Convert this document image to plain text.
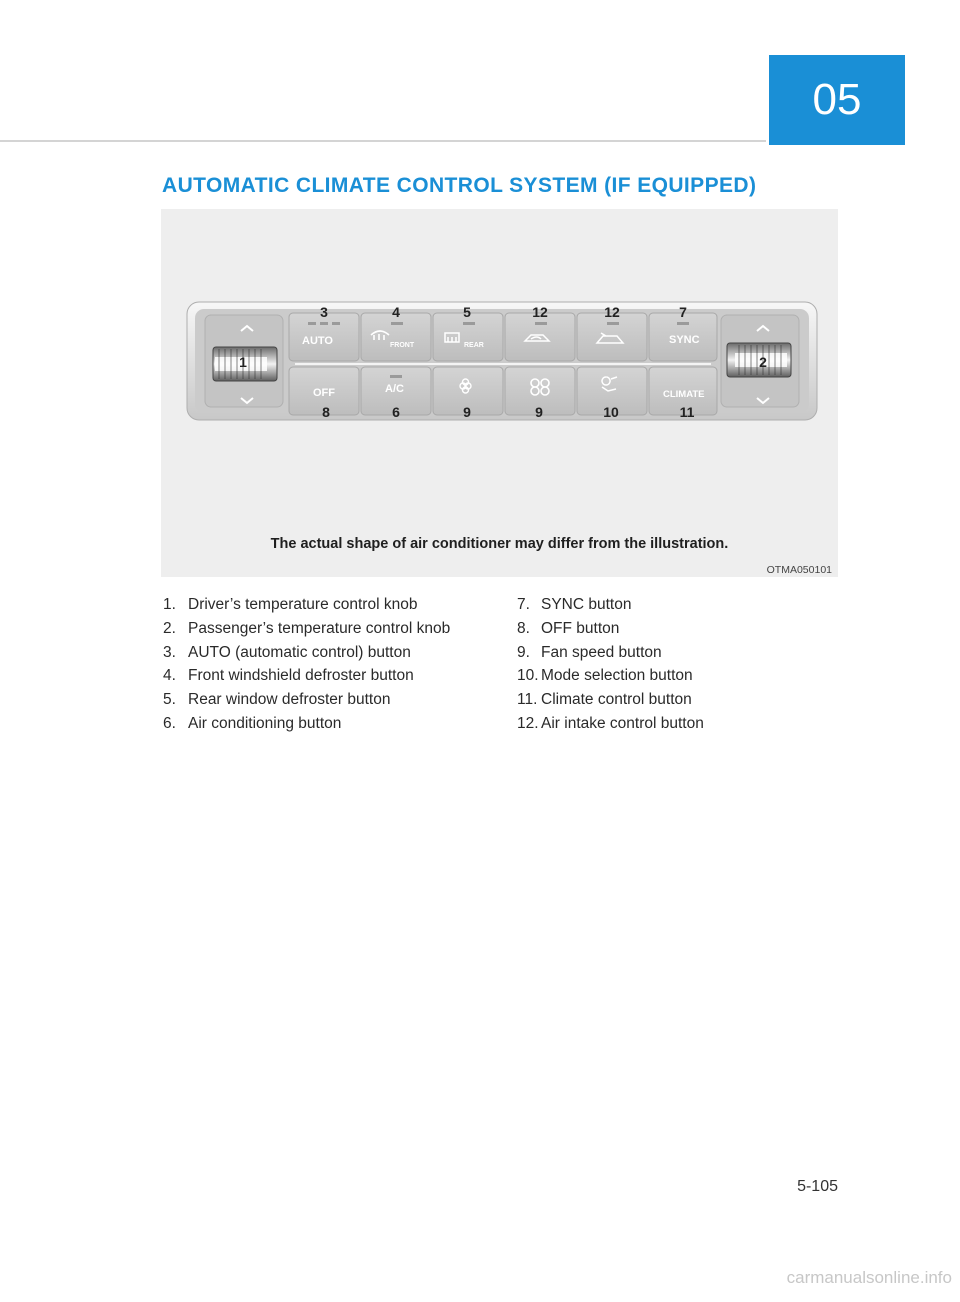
05
AUTOMATIC CLIMATE CONTROL SYSTEM (IF EQUIPPED)
AUTO	FRONT	REAR	SYNC
OFF	A/C	CLIMATE
1	2
3	4	5	12	12	7
8	6	9	9	10	11
The actual shape of air conditioner may differ from the illustration.
OTMA050101
1. Driver’s temperature control knob
2. Passenger’s temperature control knob
3. AUTO (automatic control) button
4. Front windshield defroster button
5. Rear window defroster button
6. Air conditioning button
7. SYNC button
8. OFF button
9. Fan speed button
10. Mode selection button
11. Climate control button
12. Air intake control button
5-105
carmanualsonline.info
